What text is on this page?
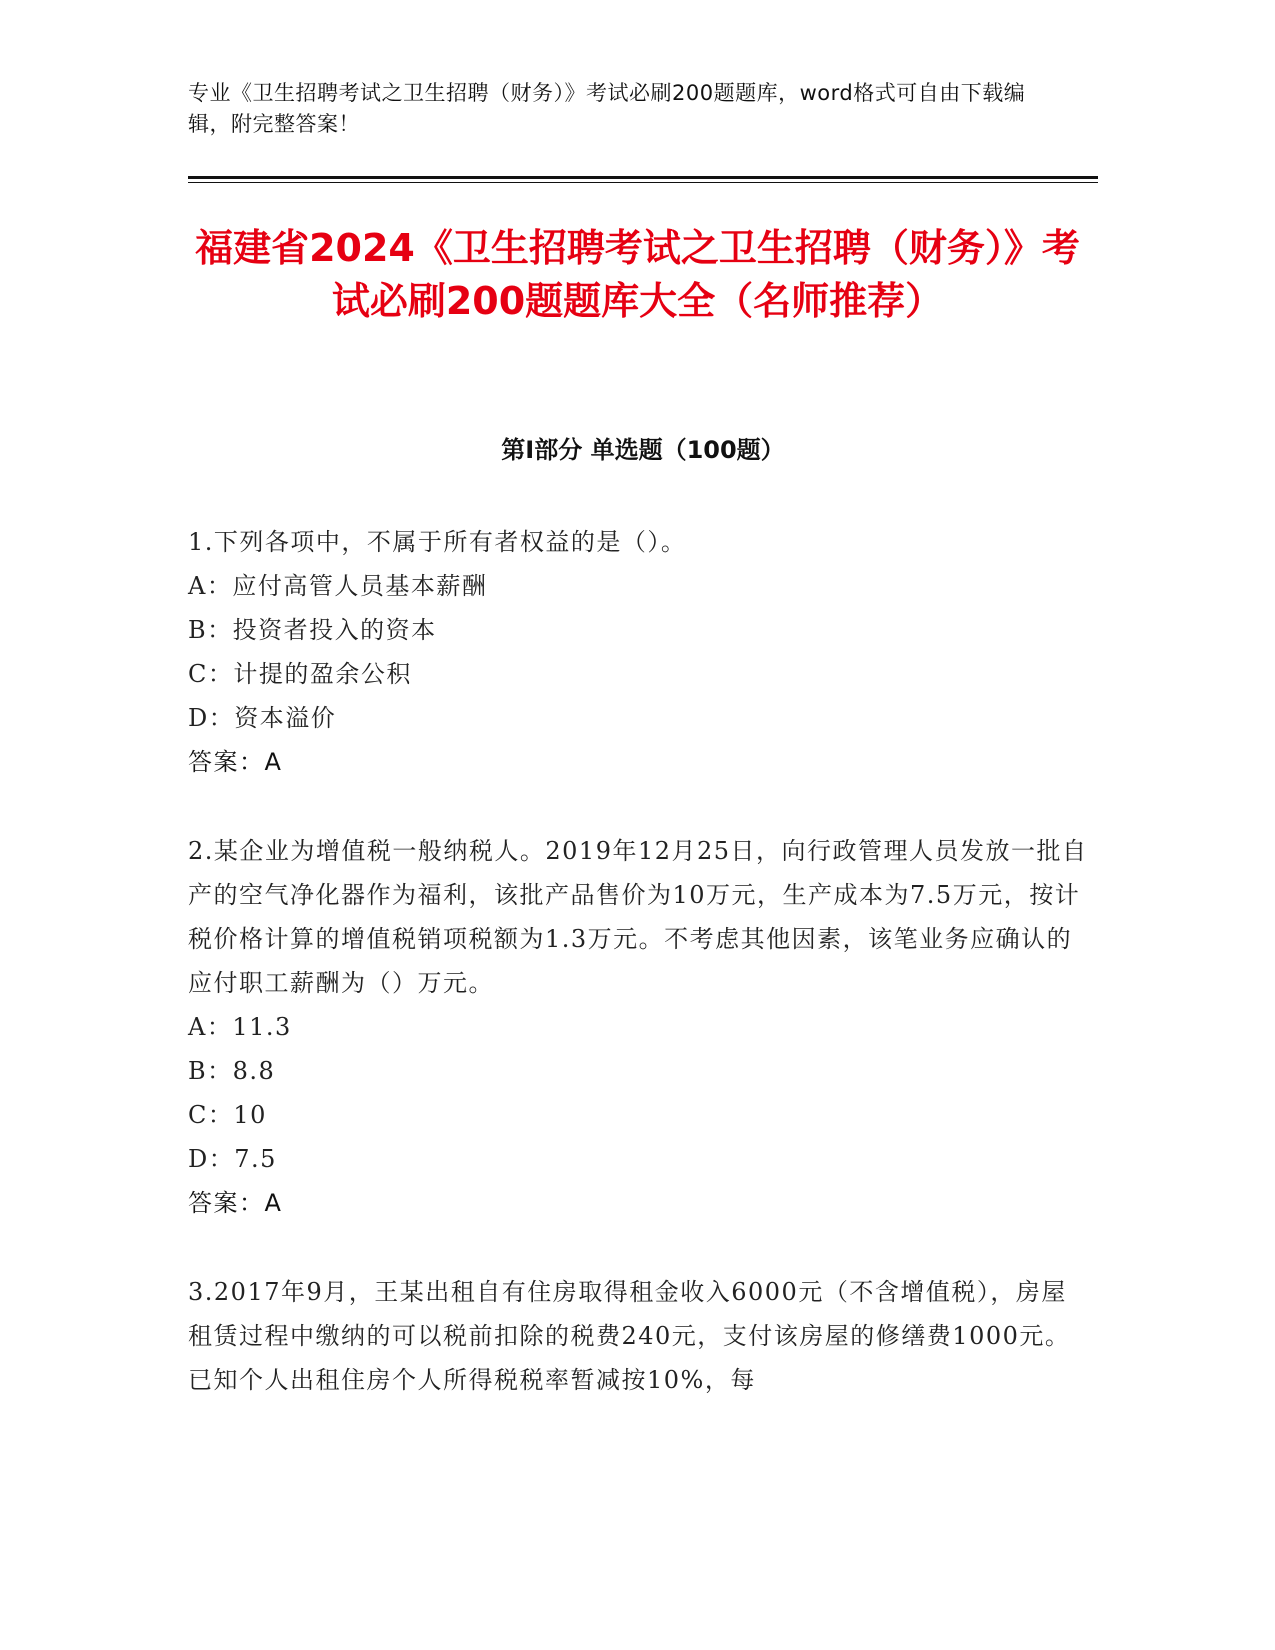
专业《卫生招聘考试之卫生招聘（财务）》考试必刷200题题库，word格式可自由下载编辑，附完整答案！
福建省2024《卫生招聘考试之卫生招聘（财务）》考试必刷200题题库大全（名师推荐）
第I部分 单选题（100题）
1.下列各项中，不属于所有者权益的是（）。
A：应付高管人员基本薪酬
B：投资者投入的资本
C：计提的盈余公积
D：资本溢价
答案：A
2.某企业为增值税一般纳税人。2019年12月25日，向行政管理人员发放一批自产的空气净化器作为福利，该批产品售价为10万元，生产成本为7.5万元，按计税价格计算的增值税销项税额为1.3万元。不考虑其他因素，该笔业务应确认的应付职工薪酬为（）万元。
A：11.3
B：8.8
C：10
D：7.5
答案：A
3.2017年9月，王某出租自有住房取得租金收入6000元（不含增值税），房屋租赁过程中缴纳的可以税前扣除的税费240元，支付该房屋的修缮费1000元。已知个人出租住房个人所得税税率暂减按10%，每
